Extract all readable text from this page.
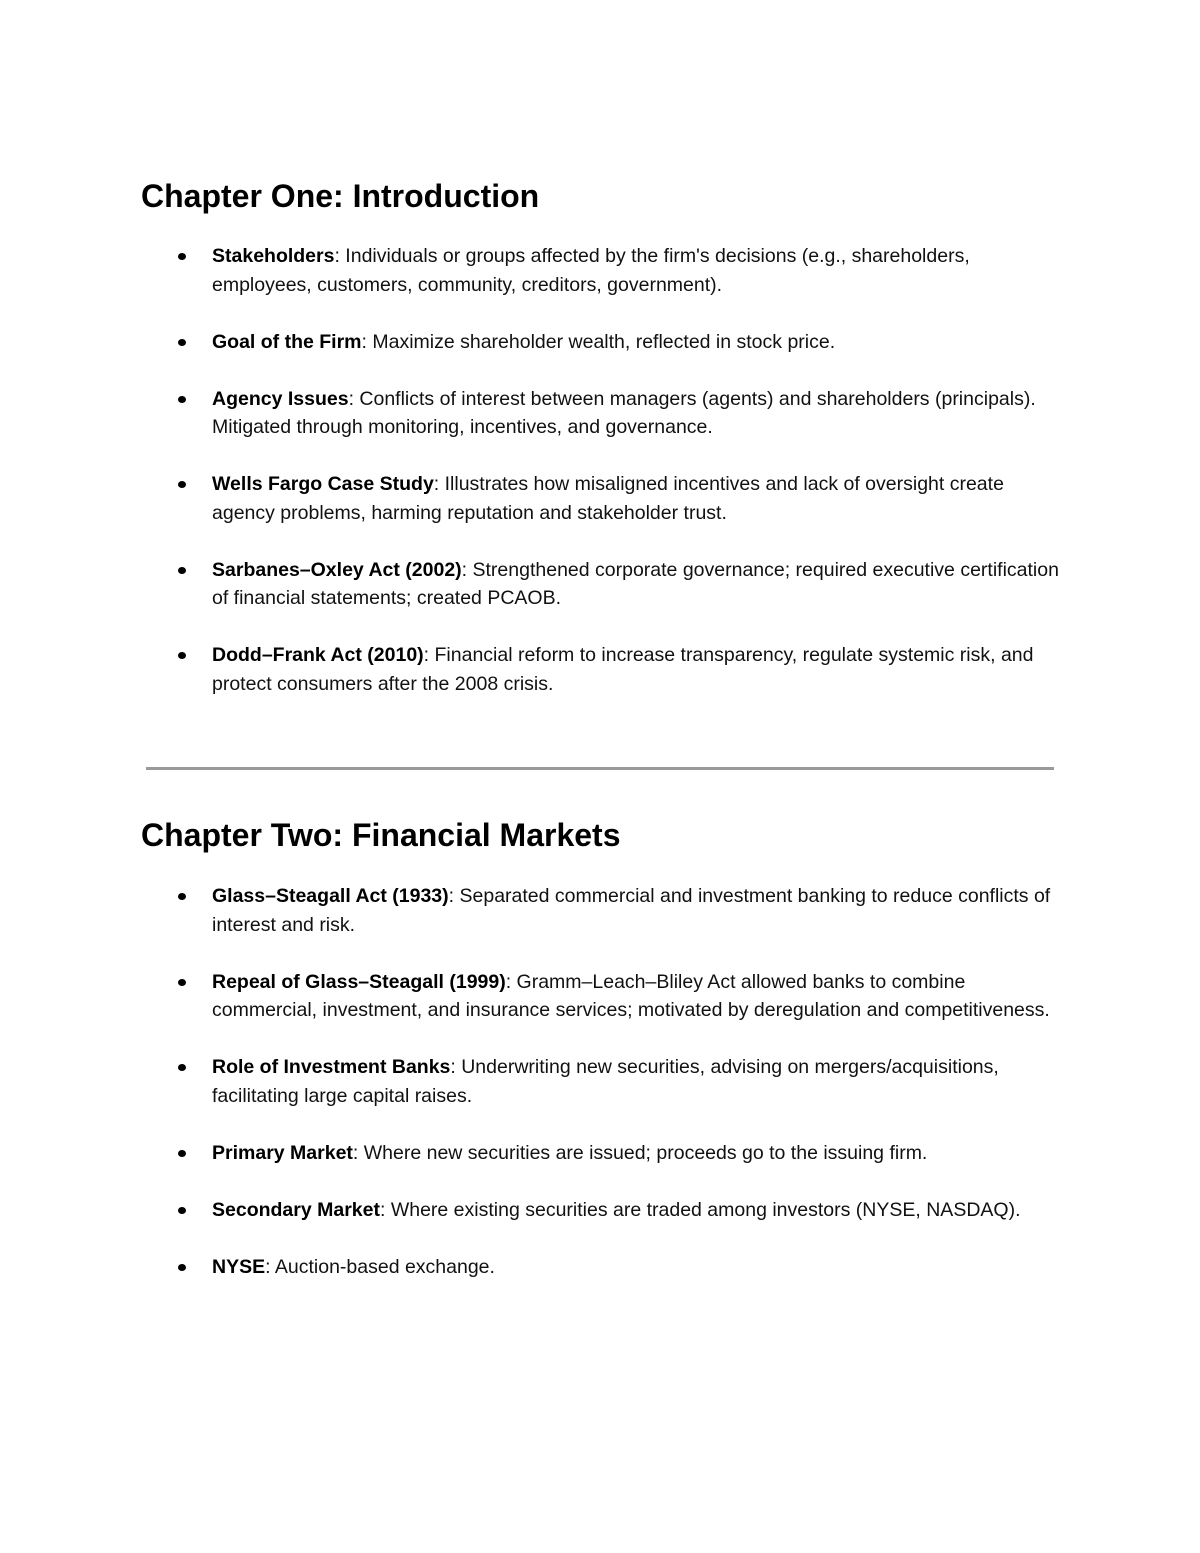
Chapter One: Introduction
Stakeholders: Individuals or groups affected by the firm's decisions (e.g., shareholders, employees, customers, community, creditors, government).
Goal of the Firm: Maximize shareholder wealth, reflected in stock price.
Agency Issues: Conflicts of interest between managers (agents) and shareholders (principals). Mitigated through monitoring, incentives, and governance.
Wells Fargo Case Study: Illustrates how misaligned incentives and lack of oversight create agency problems, harming reputation and stakeholder trust.
Sarbanes–Oxley Act (2002): Strengthened corporate governance; required executive certification of financial statements; created PCAOB.
Dodd–Frank Act (2010): Financial reform to increase transparency, regulate systemic risk, and protect consumers after the 2008 crisis.
Chapter Two: Financial Markets
Glass–Steagall Act (1933): Separated commercial and investment banking to reduce conflicts of interest and risk.
Repeal of Glass–Steagall (1999): Gramm–Leach–Bliley Act allowed banks to combine commercial, investment, and insurance services; motivated by deregulation and competitiveness.
Role of Investment Banks: Underwriting new securities, advising on mergers/acquisitions, facilitating large capital raises.
Primary Market: Where new securities are issued; proceeds go to the issuing firm.
Secondary Market: Where existing securities are traded among investors (NYSE, NASDAQ).
NYSE: Auction-based exchange.
